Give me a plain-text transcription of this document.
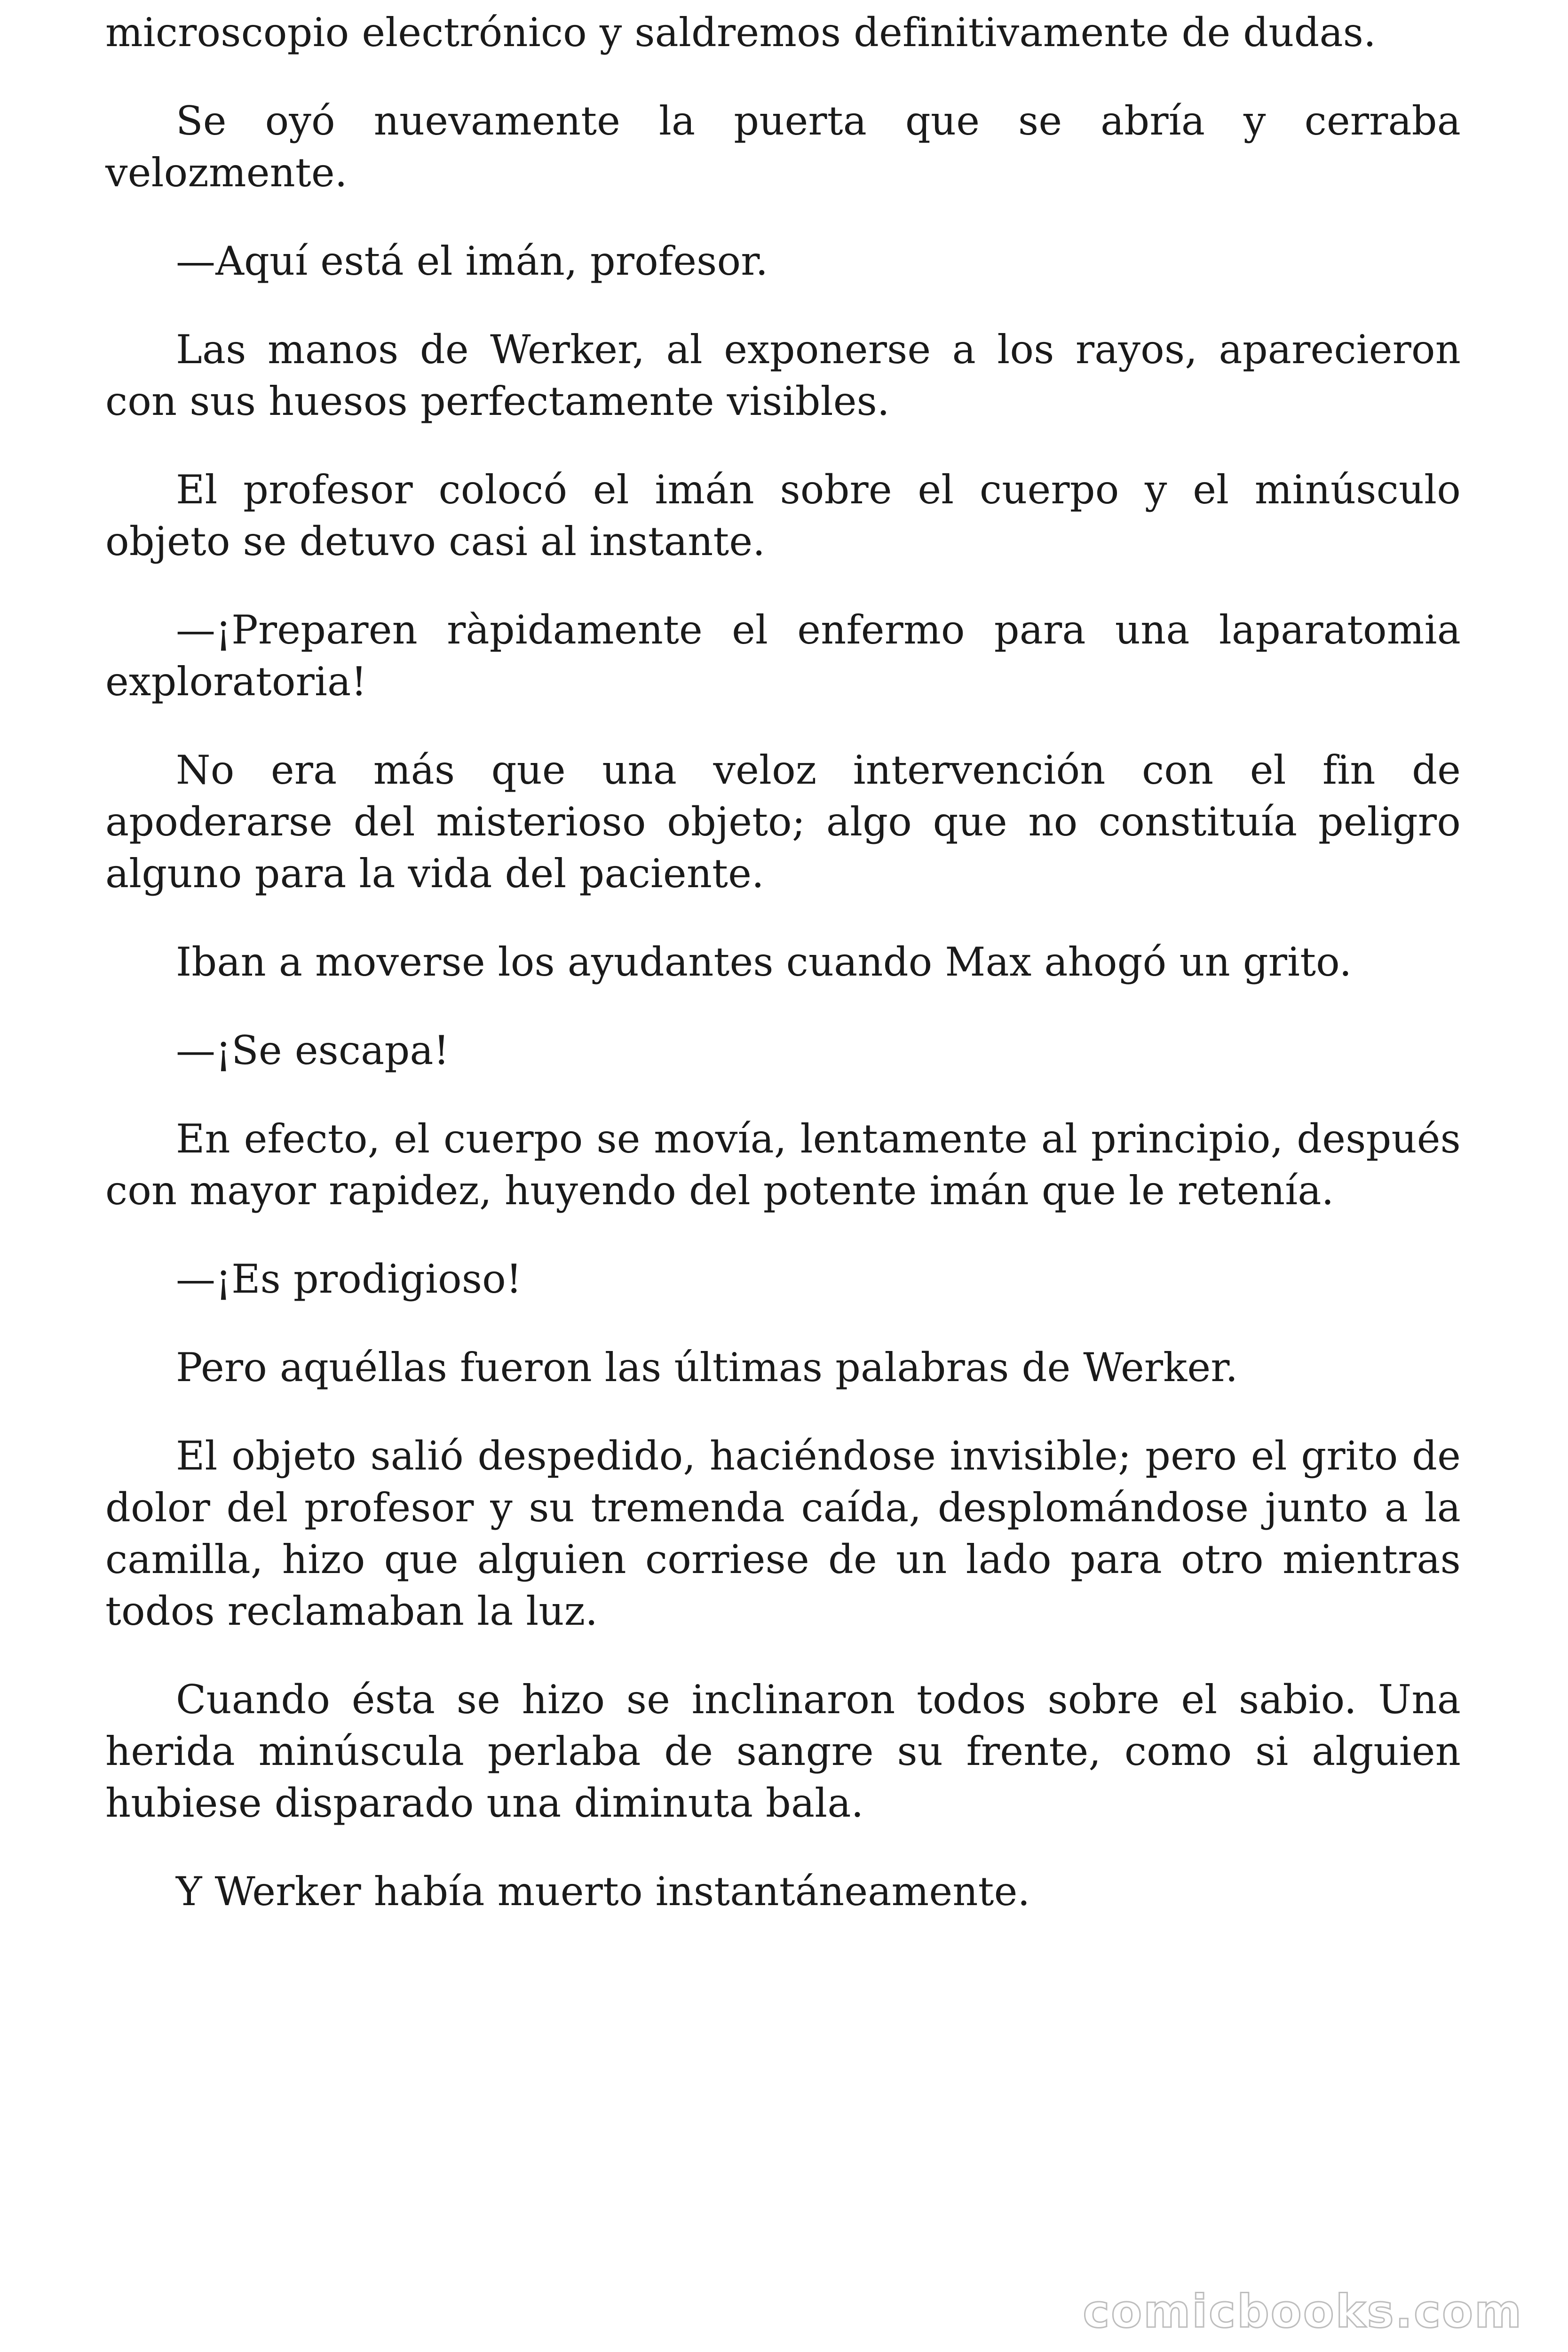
microscopio electrónico y saldremos definitivamente de dudas.

Se oyó nuevamente la puerta que se abría y cerraba velozmente.

—Aquí está el imán, profesor.

Las manos de Werker, al exponerse a los rayos, aparecieron con sus huesos perfectamente visibles.

El profesor colocó el imán sobre el cuerpo y el minúsculo objeto se detuvo casi al instante.

—¡Preparen ràpidamente el enfermo para una laparatomia exploratoria!

No era más que una veloz intervención con el fin de apoderarse del misterioso objeto; algo que no constituía peligro alguno para la vida del paciente.

Iban a moverse los ayudantes cuando Max ahogó un grito.

—¡Se escapa!

En efecto, el cuerpo se movía, lentamente al principio, después con mayor rapidez, huyendo del potente imán que le retenía.

—¡Es prodigioso!

Pero aquéllas fueron las últimas palabras de Werker.

El objeto salió despedido, haciéndose invisible; pero el grito de dolor del profesor y su tremenda caída, desplomándose junto a la camilla, hizo que alguien corriese de un lado para otro mientras todos reclamaban la luz.

Cuando ésta se hizo se inclinaron todos sobre el sabio. Una herida minúscula perlaba de sangre su frente, como si alguien hubiese disparado una diminuta bala.

Y Werker había muerto instantáneamente.

comicbooks.com
